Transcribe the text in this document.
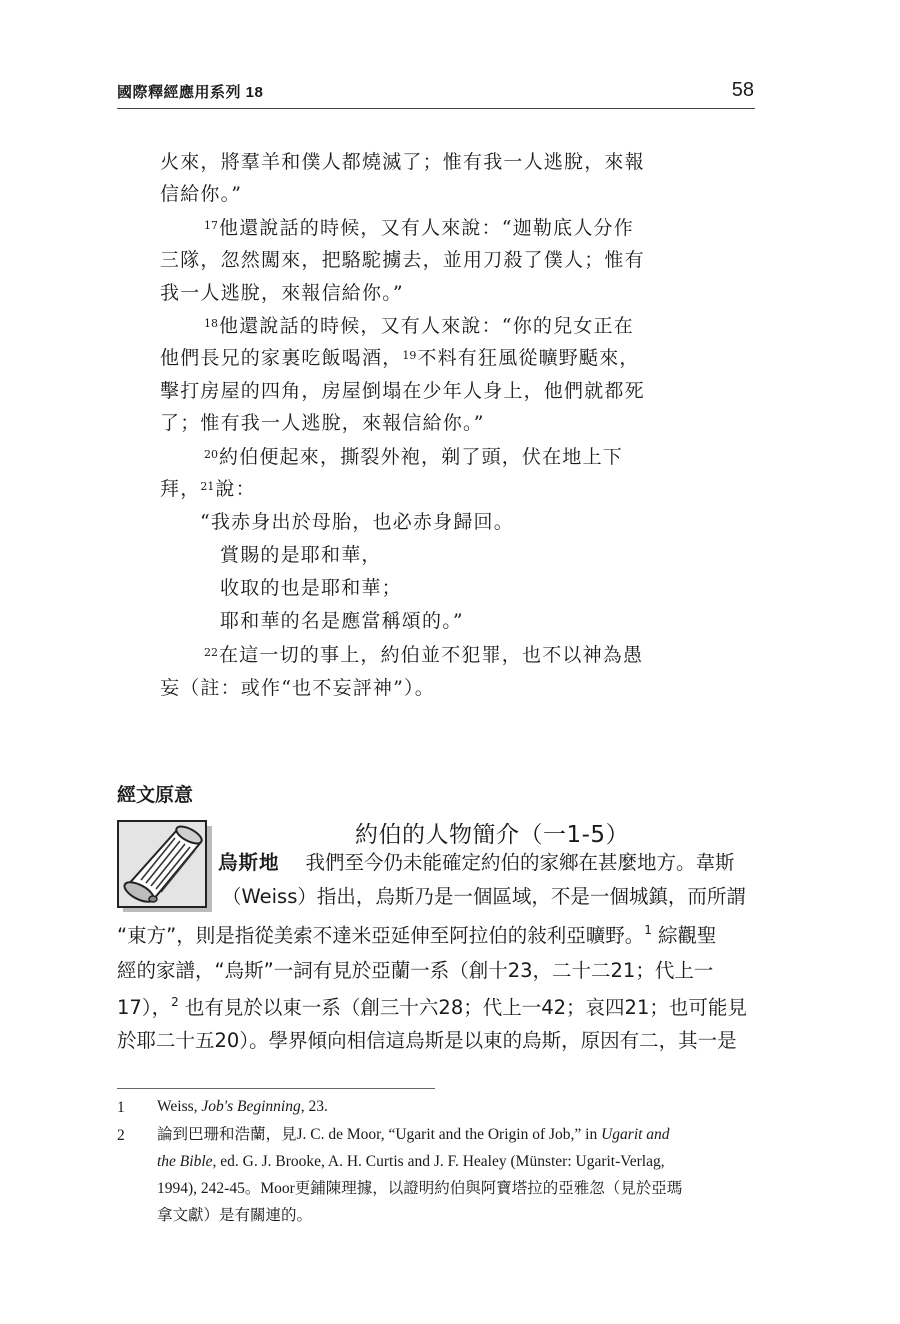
國際釋經應用系列 18	58
火來，將羣羊和僕人都燒滅了；惟有我一人逃脫，來報
信給你。”
$^{17}$他還說話的時候，又有人來說：“迦勒底人分作
三隊，忽然闖來，把駱駝擄去，並用刀殺了僕人；惟有
我一人逃脫，來報信給你。”
$^{18}$他還說話的時候，又有人來說：“你的兒女正在
他們長兄的家裏吃飯喝酒，$^{19}$不料有狂風從曠野颳來，
擊打房屋的四角，房屋倒塌在少年人身上，他們就都死
了；惟有我一人逃脫，來報信給你。”
$^{20}$約伯便起來，撕裂外袍，剃了頭，伏在地上下
拜，$^{21}$說：
“我赤身出於母胎，也必赤身歸回。
賞賜的是耶和華，
收取的也是耶和華；
耶和華的名是應當稱頌的。”
$^{22}$在這一切的事上，約伯並不犯罪，也不以神為愚
妄（註：或作“也不妄評神”）。
經文原意
約伯的人物簡介（一1-5）
烏斯地 我們至今仍未能確定約伯的家鄉在甚麼地方。韋斯
（Weiss）指出，烏斯乃是一個區域，不是一個城鎮，而所謂
“東方”，則是指從美索不達米亞延伸至阿拉伯的敍利亞曠野。$^1$ 綜觀聖
經的家譜，“烏斯”一詞有見於亞蘭一系（創十23，二十二21；代上一
17），$^2$ 也有見於以東一系（創三十六28；代上一42；哀四21；也可能見
於耶二十五20）。學界傾向相信這烏斯是以東的烏斯，原因有二，其一是
1 Weiss, Job's Beginning, 23.
2 論到巴珊和浩蘭，見J. C. de Moor, “Ugarit and the Origin of Job,” in Ugarit and
the Bible, ed. G. J. Brooke, A. H. Curtis and J. F. Healey (Münster: Ugarit-Verlag,
1994), 242-45。Moor更鋪陳理據，以證明約伯與阿寶塔拉的亞雅忽（見於亞瑪
拿文獻）是有關連的。
